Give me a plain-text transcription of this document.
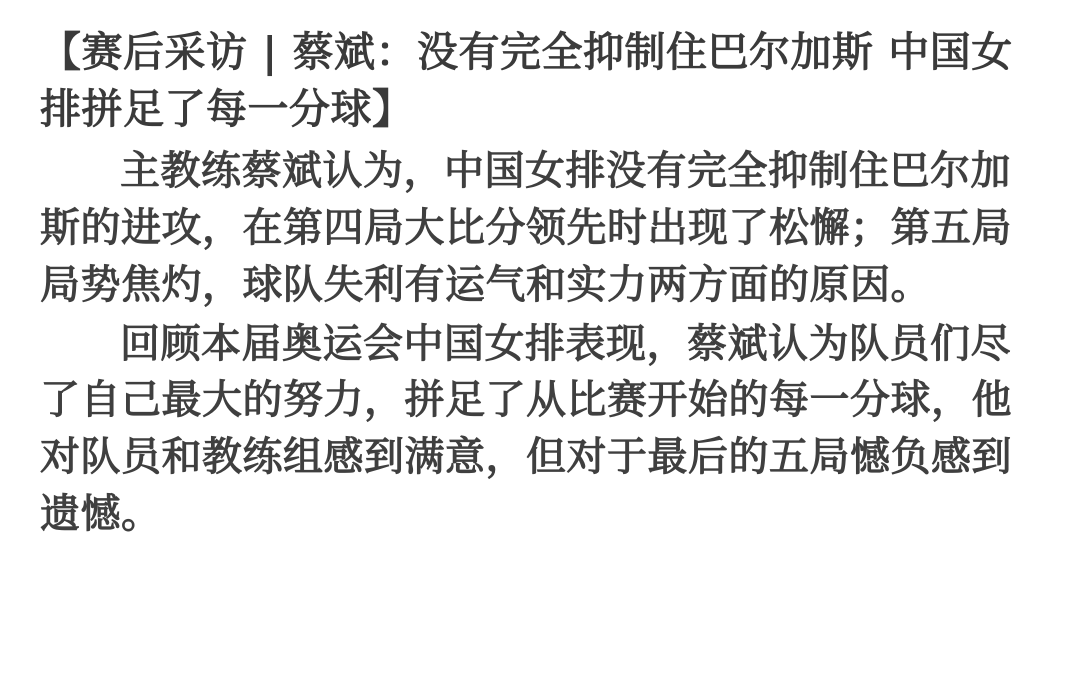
【赛后采访 | 蔡斌：没有完全抑制住巴尔加斯 中国女排拼足了每一分球】

主教练蔡斌认为，中国女排没有完全抑制住巴尔加斯的进攻，在第四局大比分领先时出现了松懈；第五局局势焦灼，球队失利有运气和实力两方面的原因。

回顾本届奥运会中国女排表现，蔡斌认为队员们尽了自己最大的努力，拼足了从比赛开始的每一分球，他对队员和教练组感到满意，但对于最后的五局憾负感到遗憾。
